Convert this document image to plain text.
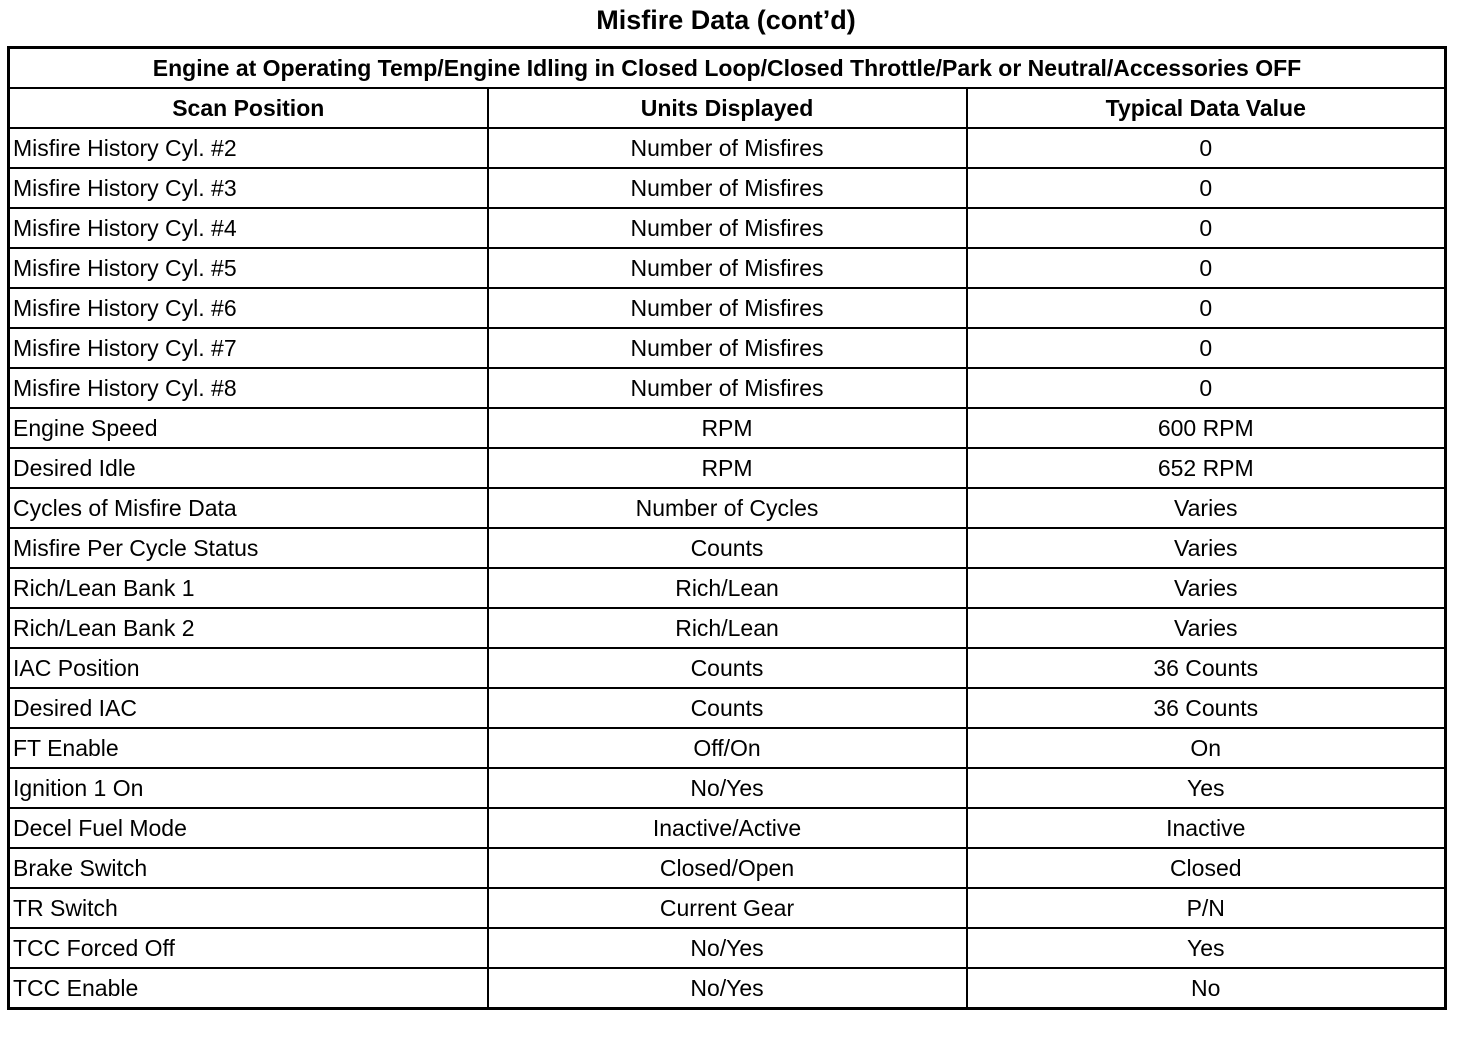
Misfire Data (cont’d)
Engine at Operating Temp/Engine Idling in Closed Loop/Closed Throttle/Park or Neutral/Accessories OFF		
Scan Position	Units Displayed	Typical Data Value
Misfire History Cyl. #2	Number of Misfires	0
Misfire History Cyl. #3	Number of Misfires	0
Misfire History Cyl. #4	Number of Misfires	0
Misfire History Cyl. #5	Number of Misfires	0
Misfire History Cyl. #6	Number of Misfires	0
Misfire History Cyl. #7	Number of Misfires	0
Misfire History Cyl. #8	Number of Misfires	0
Engine Speed	RPM	600 RPM
Desired Idle	RPM	652 RPM
Cycles of Misfire Data	Number of Cycles	Varies
Misfire Per Cycle Status	Counts	Varies
Rich/Lean Bank 1	Rich/Lean	Varies
Rich/Lean Bank 2	Rich/Lean	Varies
IAC Position	Counts	36 Counts
Desired IAC	Counts	36 Counts
FT Enable	Off/On	On
Ignition 1 On	No/Yes	Yes
Decel Fuel Mode	Inactive/Active	Inactive
Brake Switch	Closed/Open	Closed
TR Switch	Current Gear	P/N
TCC Forced Off	No/Yes	Yes
TCC Enable	No/Yes	No
